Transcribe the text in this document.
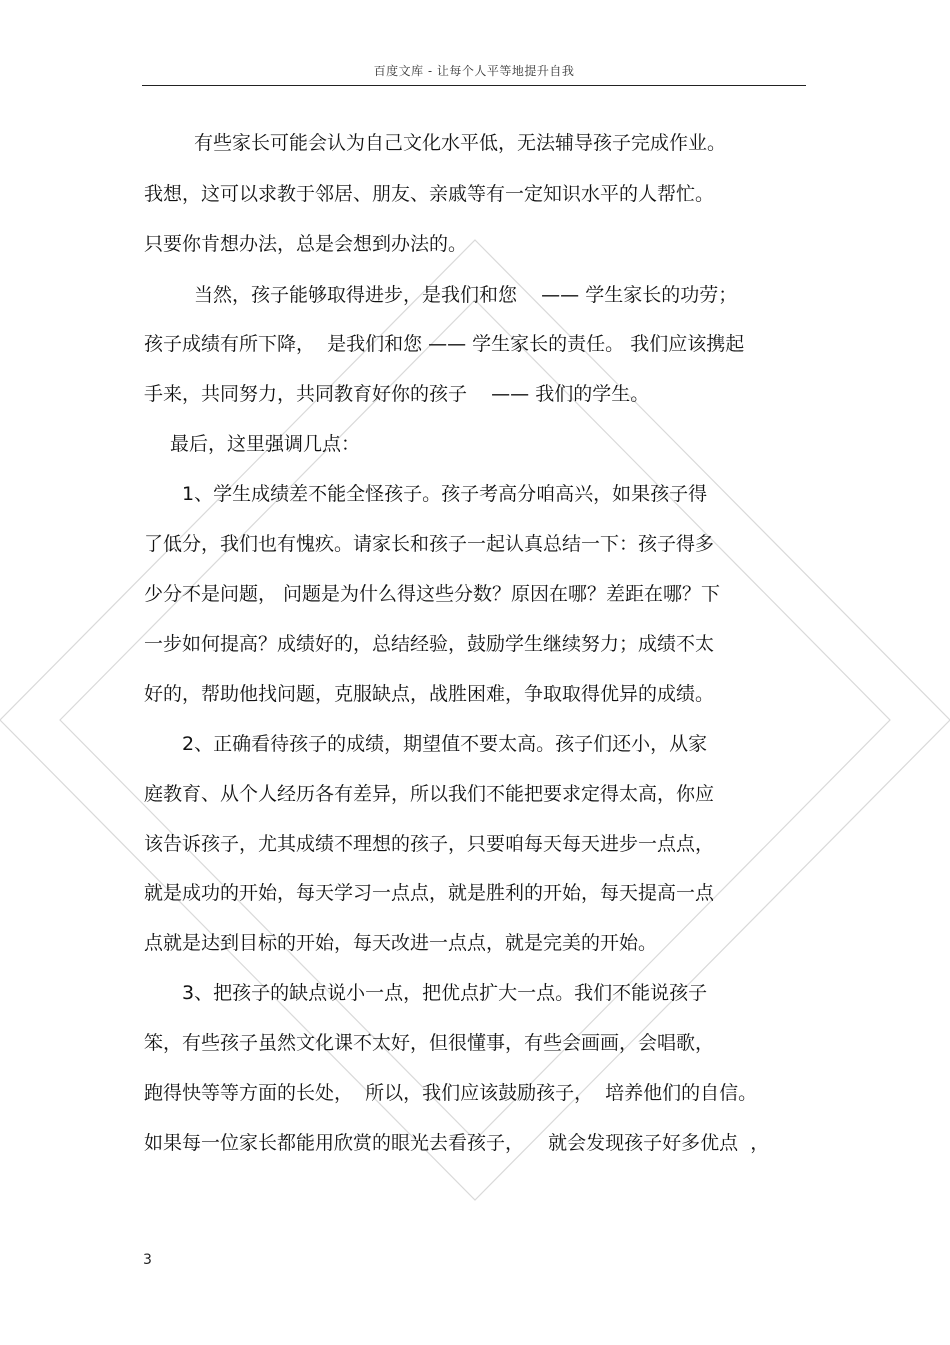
百度文库 - 让每个人平等地提升自我
有些家长可能会认为自己文化水平低，无法辅导孩子完成作业。
我想，这可以求教于邻居、朋友、亲戚等有一定知识水平的人帮忙。
只要你肯想办法，总是会想到办法的。
当然，孩子能够取得进步，是我们和您    —— 学生家长的功劳；
孩子成绩有所下降，  是我们和您 —— 学生家长的责任。 我们应该携起
手来，共同努力，共同教育好你的孩子    —— 我们的学生。
最后，这里强调几点：
1、学生成绩差不能全怪孩子。孩子考高分咱高兴，如果孩子得
了低分，我们也有愧疚。请家长和孩子一起认真总结一下：孩子得多
少分不是问题， 问题是为什么得这些分数？原因在哪？差距在哪？下
一步如何提高？成绩好的，总结经验，鼓励学生继续努力；成绩不太
好的，帮助他找问题，克服缺点，战胜困难，争取取得优异的成绩。
2、正确看待孩子的成绩，期望值不要太高。孩子们还小，从家
庭教育、从个人经历各有差异，所以我们不能把要求定得太高，你应
该告诉孩子，尤其成绩不理想的孩子，只要咱每天每天进步一点点，
就是成功的开始，每天学习一点点，就是胜利的开始，每天提高一点
点就是达到目标的开始，每天改进一点点，就是完美的开始。
3、把孩子的缺点说小一点，把优点扩大一点。我们不能说孩子
笨，有些孩子虽然文化课不太好，但很懂事，有些会画画，会唱歌，
跑得快等等方面的长处，  所以，我们应该鼓励孩子，  培养他们的自信。
如果每一位家长都能用欣赏的眼光去看孩子，    就会发现孩子好多优点  ，
3
